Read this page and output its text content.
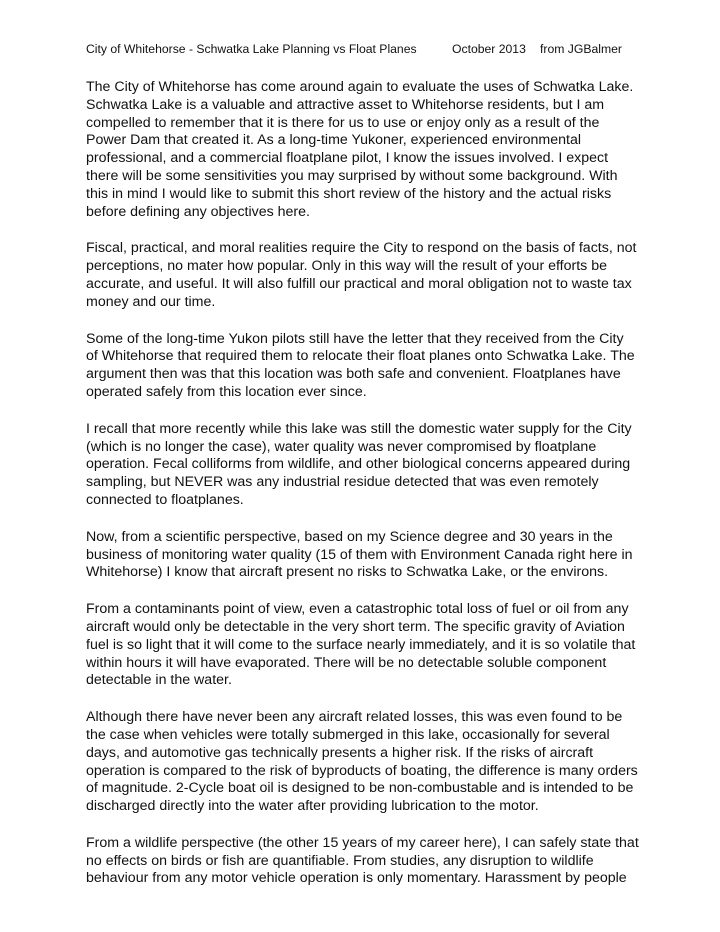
City of Whitehorse - Schwatka Lake Planning vs Float Planes	October 2013 from JGBalmer

The City of Whitehorse has come around again to evaluate the uses of Schwatka Lake. Schwatka Lake is a valuable and attractive asset to Whitehorse residents, but I am compelled to remember that it is there for us to use or enjoy only as a result of the Power Dam that created it. As a long-time Yukoner, experienced environmental professional, and a commercial floatplane pilot, I know the issues involved. I expect there will be some sensitivities you may surprised by without some background. With this in mind I would like to submit this short review of the history and the actual risks before defining any objectives here.

Fiscal, practical, and moral realities require the City to respond on the basis of facts, not perceptions, no mater how popular. Only in this way will the result of your efforts be accurate, and useful. It will also fulfill our practical and moral obligation not to waste tax money and our time.

Some of the long-time Yukon pilots still have the letter that they received from the City of Whitehorse that required them to relocate their float planes onto Schwatka Lake. The argument then was that this location was both safe and convenient. Floatplanes have operated safely from this location ever since.

I recall that more recently while this lake was still the domestic water supply for the City (which is no longer the case), water quality was never compromised by floatplane operation. Fecal colliforms from wildlife, and other biological concerns appeared during sampling, but NEVER was any industrial residue detected that was even remotely connected to floatplanes.

Now, from a scientific perspective, based on my Science degree and 30 years in the business of monitoring water quality (15 of them with Environment Canada right here in Whitehorse) I know that aircraft present no risks to Schwatka Lake, or the environs.

From a contaminants point of view, even a catastrophic total loss of fuel or oil from any aircraft would only be detectable in the very short term. The specific gravity of Aviation fuel is so light that it will come to the surface nearly immediately, and it is so volatile that within hours it will have evaporated. There will be no detectable soluble component detectable in the water.

Although there have never been any aircraft related losses, this was even found to be the case when vehicles were totally submerged in this lake, occasionally for several days, and automotive gas technically presents a higher risk. If the risks of aircraft operation is compared to the risk of byproducts of boating, the difference is many orders of magnitude. 2-Cycle boat oil is designed to be non-combustable and is intended to be discharged directly into the water after providing lubrication to the motor.

From a wildlife perspective (the other 15 years of my career here), I can safely state that no effects on birds or fish are quantifiable. From studies, any disruption to wildlife behaviour from any motor vehicle operation is only momentary. Harassment by people
